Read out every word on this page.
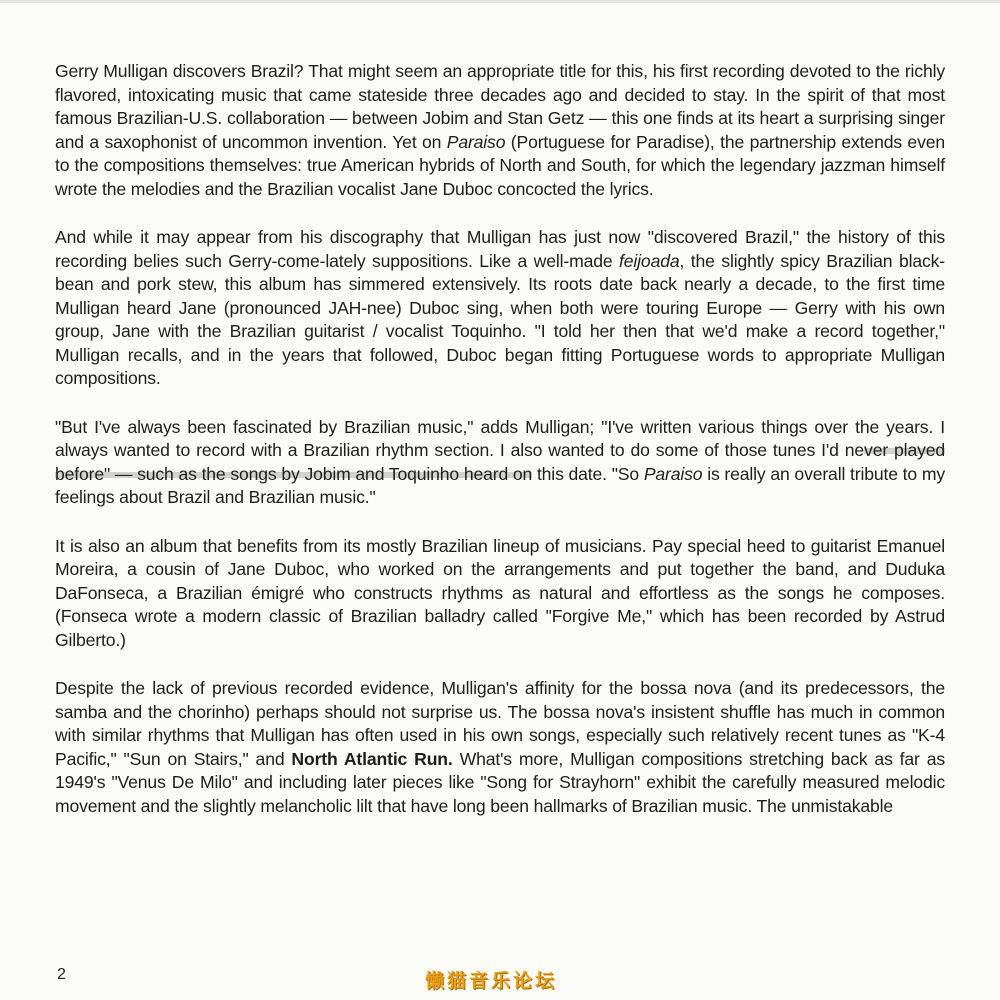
Gerry Mulligan discovers Brazil? That might seem an appropriate title for this, his first recording devoted to the richly flavored, intoxicating music that came stateside three decades ago and decided to stay. In the spirit of that most famous Brazilian-U.S. collaboration — between Jobim and Stan Getz — this one finds at its heart a surprising singer and a saxophonist of uncommon invention. Yet on Paraiso (Portuguese for Paradise), the partnership extends even to the compositions themselves: true American hybrids of North and South, for which the legendary jazzman himself wrote the melodies and the Brazilian vocalist Jane Duboc concocted the lyrics.

And while it may appear from his discography that Mulligan has just now "discovered Brazil," the history of this recording belies such Gerry-come-lately suppositions. Like a well-made feijoada, the slightly spicy Brazilian black-bean and pork stew, this album has simmered extensively. Its roots date back nearly a decade, to the first time Mulligan heard Jane (pronounced JAH-nee) Duboc sing, when both were touring Europe — Gerry with his own group, Jane with the Brazilian guitarist / vocalist Toquinho. "I told her then that we'd make a record together," Mulligan recalls, and in the years that followed, Duboc began fitting Portuguese words to appropriate Mulligan compositions.

"But I've always been fascinated by Brazilian music," adds Mulligan; "I've written various things over the years. I always wanted to record with a Brazilian rhythm section. I also wanted to do some of those tunes I'd never played before" — such as the songs by Jobim and Toquinho heard on this date. "So Paraiso is really an overall tribute to my feelings about Brazil and Brazilian music."

It is also an album that benefits from its mostly Brazilian lineup of musicians. Pay special heed to guitarist Emanuel Moreira, a cousin of Jane Duboc, who worked on the arrangements and put together the band, and Duduka DaFonseca, a Brazilian émigré who constructs rhythms as natural and effortless as the songs he composes. (Fonseca wrote a modern classic of Brazilian balladry called "Forgive Me," which has been recorded by Astrud Gilberto.)

Despite the lack of previous recorded evidence, Mulligan's affinity for the bossa nova (and its predecessors, the samba and the chorinho) perhaps should not surprise us. The bossa nova's insistent shuffle has much in common with similar rhythms that Mulligan has often used in his own songs, especially such relatively recent tunes as "K-4 Pacific," "Sun on Stairs," and North Atlantic Run. What's more, Mulligan compositions stretching back as far as 1949's "Venus De Milo" and including later pieces like "Song for Strayhorn" exhibit the carefully measured melodic movement and the slightly melancholic lilt that have long been hallmarks of Brazilian music. The unmistakable

2	懒猫音乐论坛
